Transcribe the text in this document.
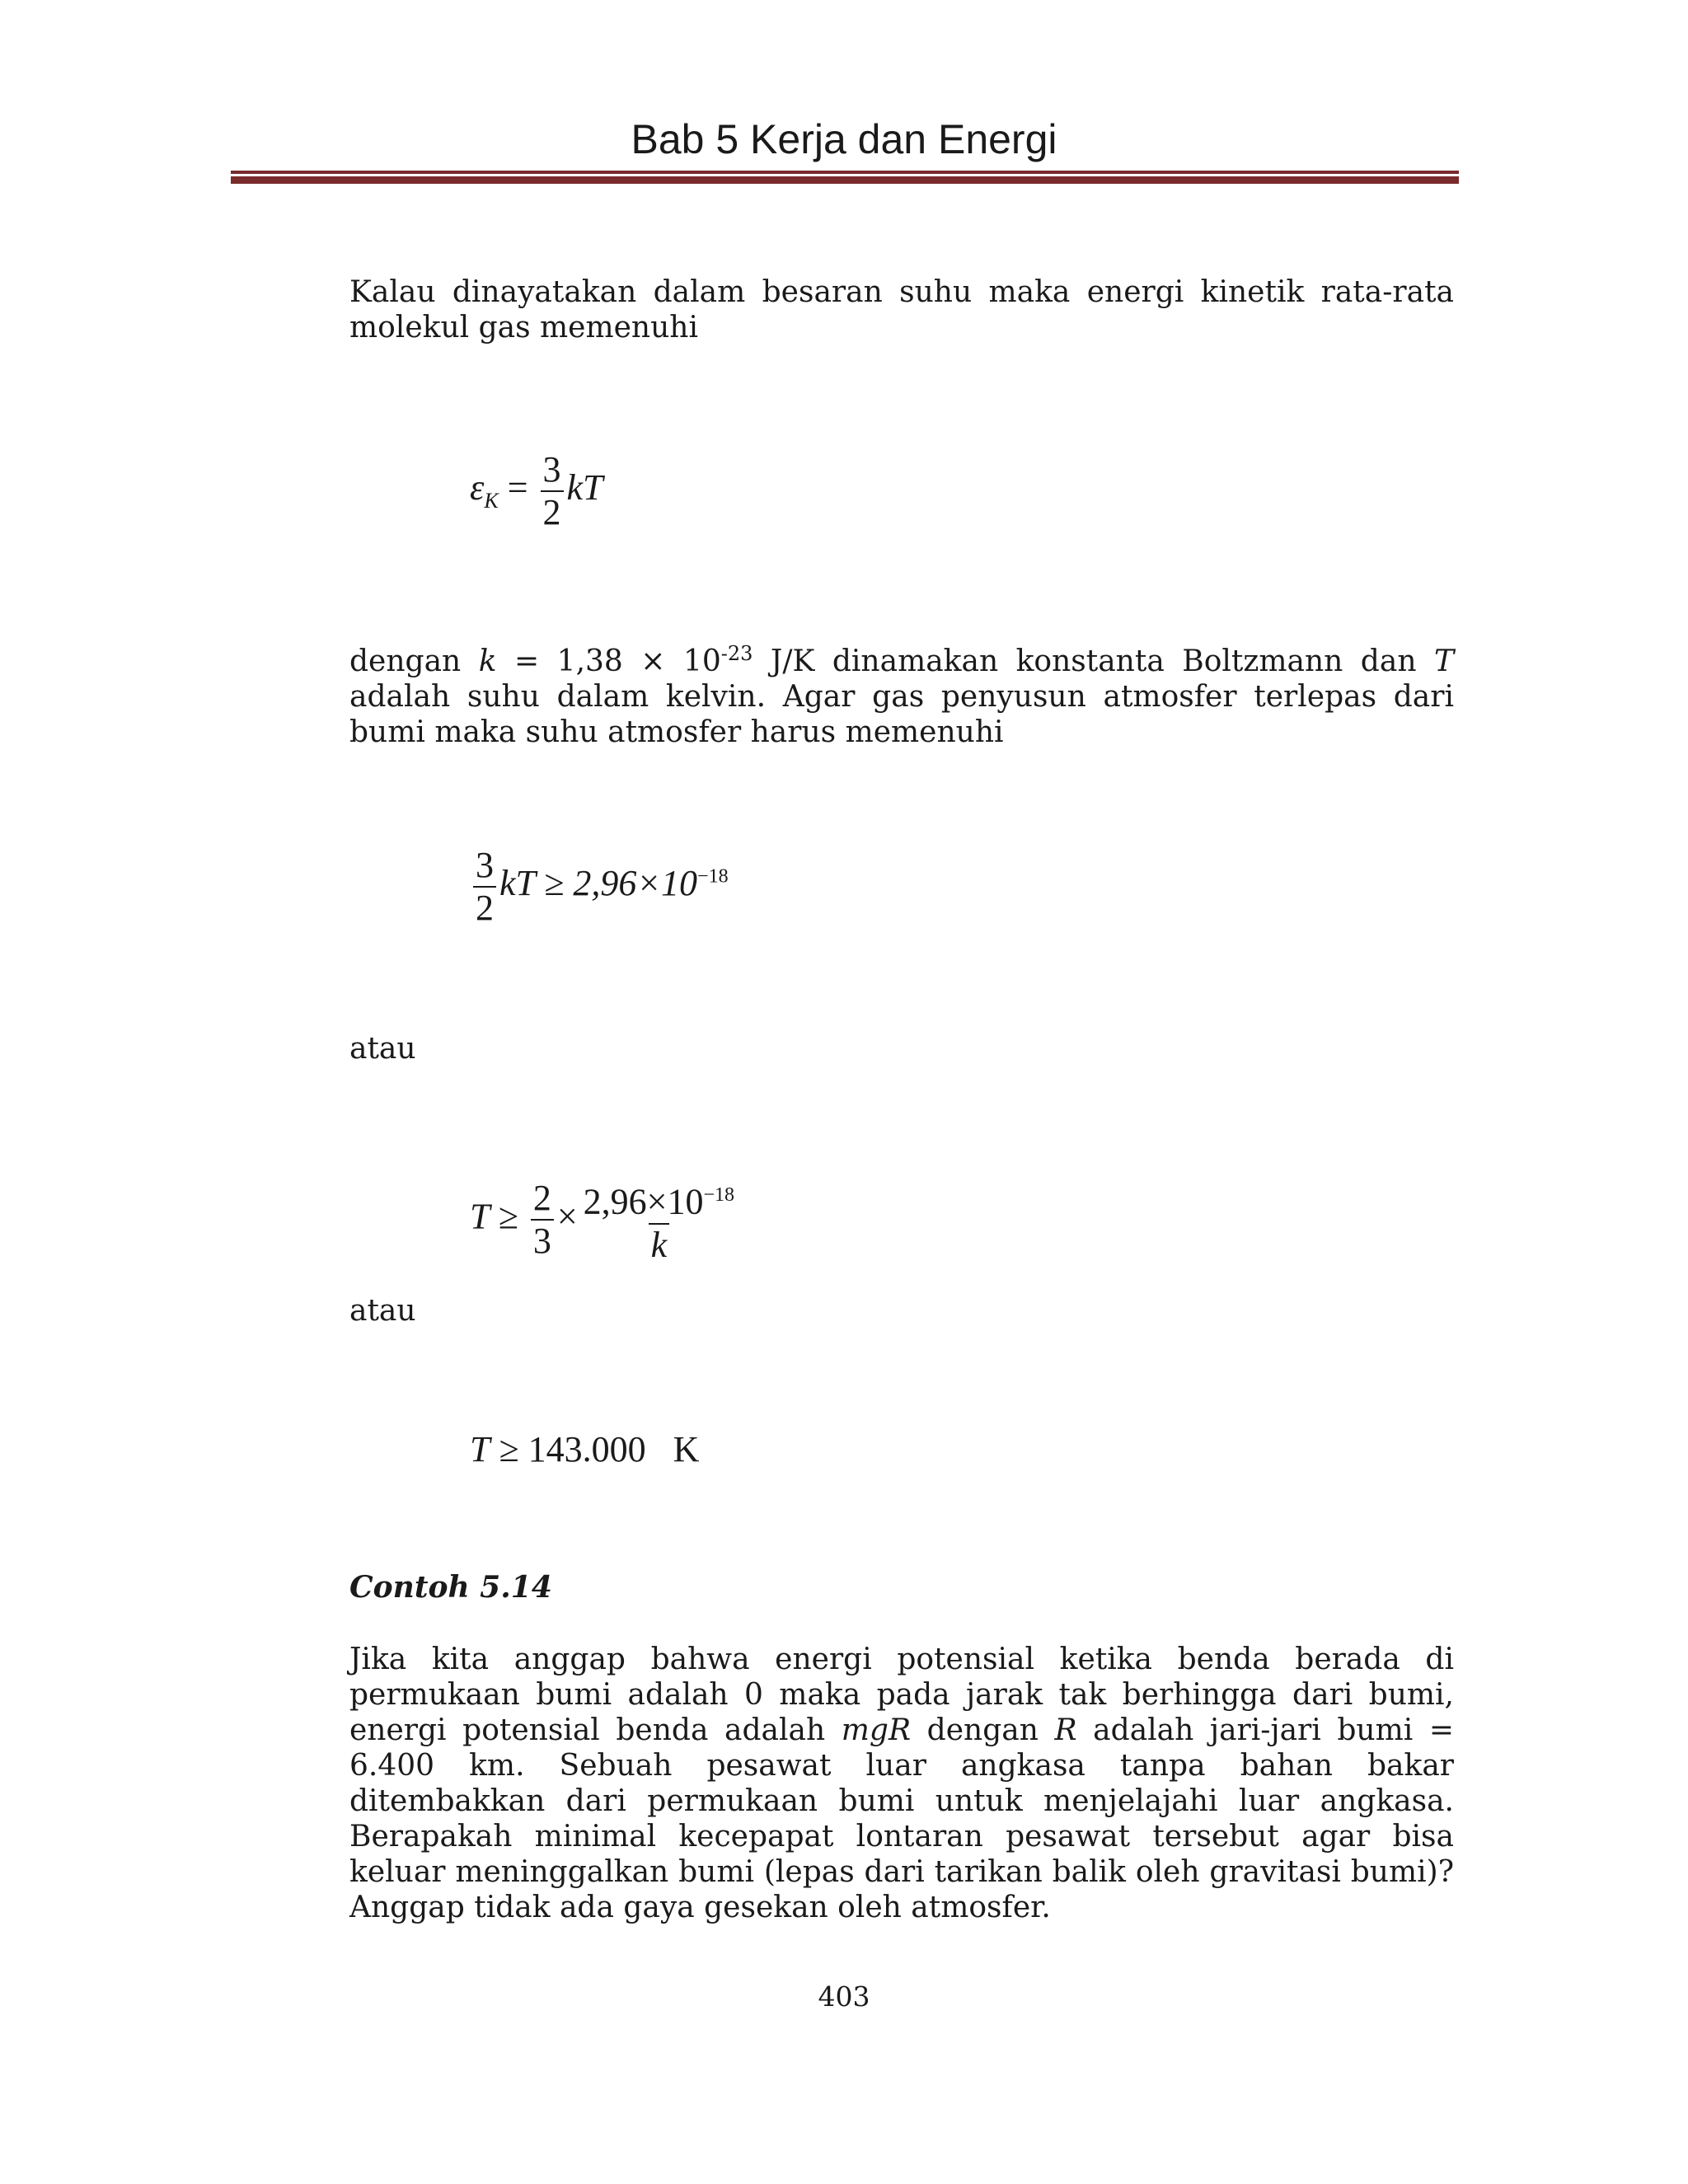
Bab 5 Kerja dan Energi
Kalau dinayatakan dalam besaran suhu maka energi kinetik rata-rata molekul gas memenuhi
$\varepsilon_K = \frac{3}{2}$ kT
dengan $k = 1,38 \times 10^{-23}$ J/K dinamakan konstanta Boltzmann dan T adalah suhu dalam kelvin. Agar gas penyusun atmosfer terlepas dari bumi maka suhu atmosfer harus memenuhi
$\frac{3}{2}$ kT ≥ $2,96\times 10^{-18}$
atau
$T \ge \frac{2}{3} \times \frac{2,96\times 10^{-18}}{k}$
atau
T ≥ 143.000   K
Contoh 5.14
Jika kita anggap bahwa energi potensial ketika benda berada di permukaan bumi adalah 0 maka pada jarak tak berhingga dari bumi, energi potensial benda adalah mgR dengan R adalah jari-jari bumi = 6.400 km. Sebuah pesawat luar angkasa tanpa bahan bakar ditembakkan dari permukaan bumi untuk menjelajahi luar angkasa. Berapakah minimal kecepapat lontaran pesawat tersebut agar bisa keluar meninggalkan bumi (lepas dari tarikan balik oleh gravitasi bumi)? Anggap tidak ada gaya gesekan oleh atmosfer.
403
